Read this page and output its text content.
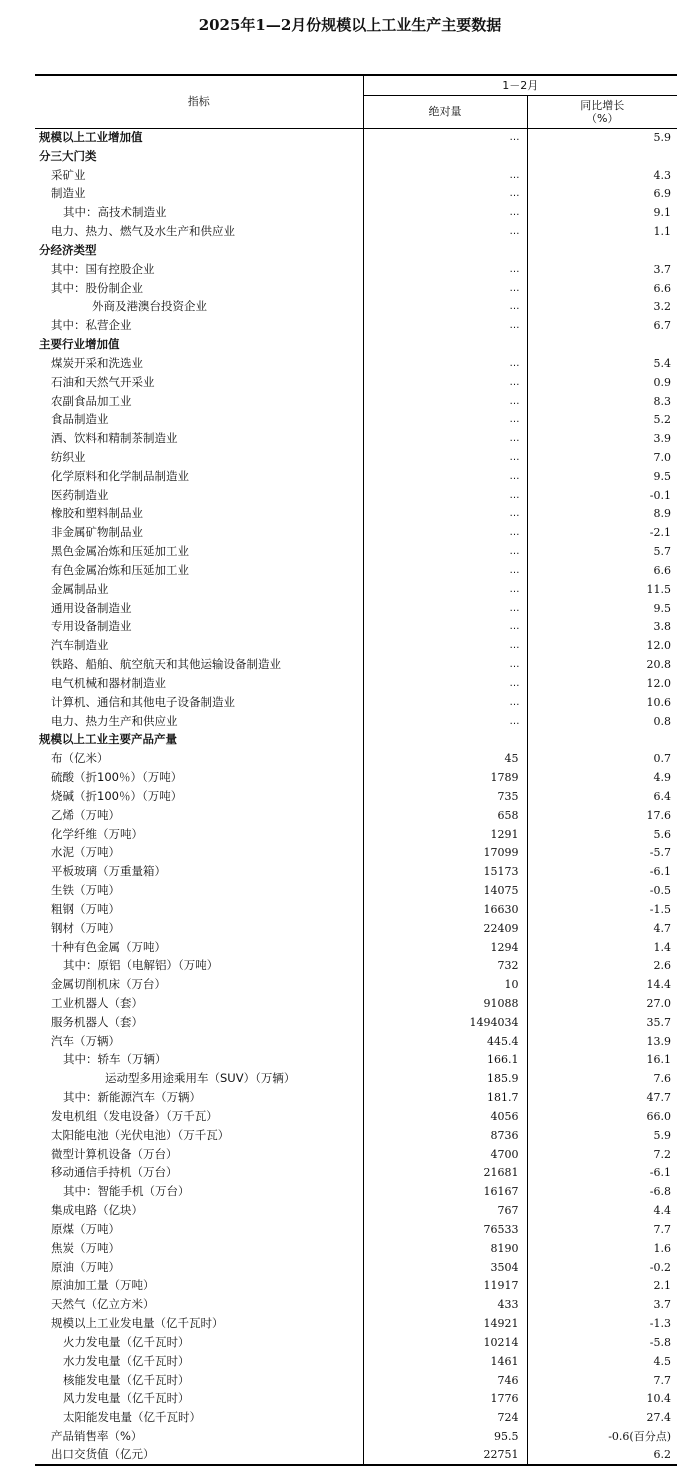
2025年1—2月份规模以上工业生产主要数据
指标	1－2月	
	绝对量	同比增长
（%）

规模以上工业增加值	…	5.9
分三大门类		
采矿业	…	4.3
制造业	…	6.9
其中：高技术制造业	…	9.1
电力、热力、燃气及水生产和供应业	…	1.1
分经济类型		
其中：国有控股企业	…	3.7
其中：股份制企业	…	6.6
外商及港澳台投资企业	…	3.2
其中：私营企业	…	6.7
主要行业增加值		
煤炭开采和洗选业	…	5.4
石油和天然气开采业	…	0.9
农副食品加工业	…	8.3
食品制造业	…	5.2
酒、饮料和精制茶制造业	…	3.9
纺织业	…	7.0
化学原料和化学制品制造业	…	9.5
医药制造业	…	-0.1
橡胶和塑料制品业	…	8.9
非金属矿物制品业	…	-2.1
黑色金属冶炼和压延加工业	…	5.7
有色金属冶炼和压延加工业	…	6.6
金属制品业	…	11.5
通用设备制造业	…	9.5
专用设备制造业	…	3.8
汽车制造业	…	12.0
铁路、船舶、航空航天和其他运输设备制造业	…	20.8
电气机械和器材制造业	…	12.0
计算机、通信和其他电子设备制造业	…	10.6
电力、热力生产和供应业	…	0.8
规模以上工业主要产品产量		
布（亿米）	45	0.7
硫酸（折100％）（万吨）	1789	4.9
烧碱（折100％）（万吨）	735	6.4
乙烯（万吨）	658	17.6
化学纤维（万吨）	1291	5.6
水泥（万吨）	17099	-5.7
平板玻璃（万重量箱）	15173	-6.1
生铁（万吨）	14075	-0.5
粗钢（万吨）	16630	-1.5
钢材（万吨）	22409	4.7
十种有色金属（万吨）	1294	1.4
其中：原铝（电解铝）（万吨）	732	2.6
金属切削机床（万台）	10	14.4
工业机器人（套）	91088	27.0
服务机器人（套）	1494034	35.7
汽车（万辆）	445.4	13.9
其中：轿车（万辆）	166.1	16.1
运动型多用途乘用车（SUV）（万辆）	185.9	7.6
其中：新能源汽车（万辆）	181.7	47.7
发电机组（发电设备）（万千瓦）	4056	66.0
太阳能电池（光伏电池）（万千瓦）	8736	5.9
微型计算机设备（万台）	4700	7.2
移动通信手持机（万台）	21681	-6.1
其中：智能手机（万台）	16167	-6.8
集成电路（亿块）	767	4.4
原煤（万吨）	76533	7.7
焦炭（万吨）	8190	1.6
原油（万吨）	3504	-0.2
原油加工量（万吨）	11917	2.1
天然气（亿立方米）	433	3.7
规模以上工业发电量（亿千瓦时）	14921	-1.3
火力发电量（亿千瓦时）	10214	-5.8
水力发电量（亿千瓦时）	1461	4.5
核能发电量（亿千瓦时）	746	7.7
风力发电量（亿千瓦时）	1776	10.4
太阳能发电量（亿千瓦时）	724	27.4
产品销售率（%）	95.5	-0.6(百分点)
出口交货值（亿元）	22751	6.2
